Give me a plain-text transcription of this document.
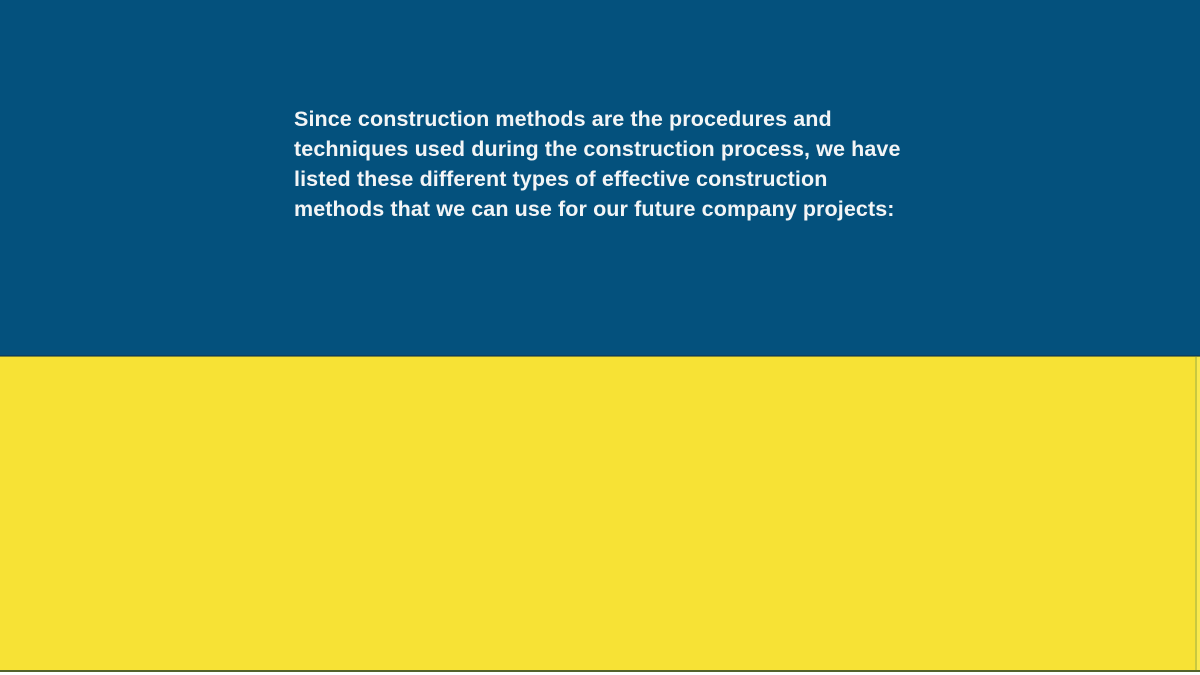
Since construction methods are the procedures and
techniques used during the construction process, we have
listed these different types of effective construction
methods that we can use for our future company projects:
